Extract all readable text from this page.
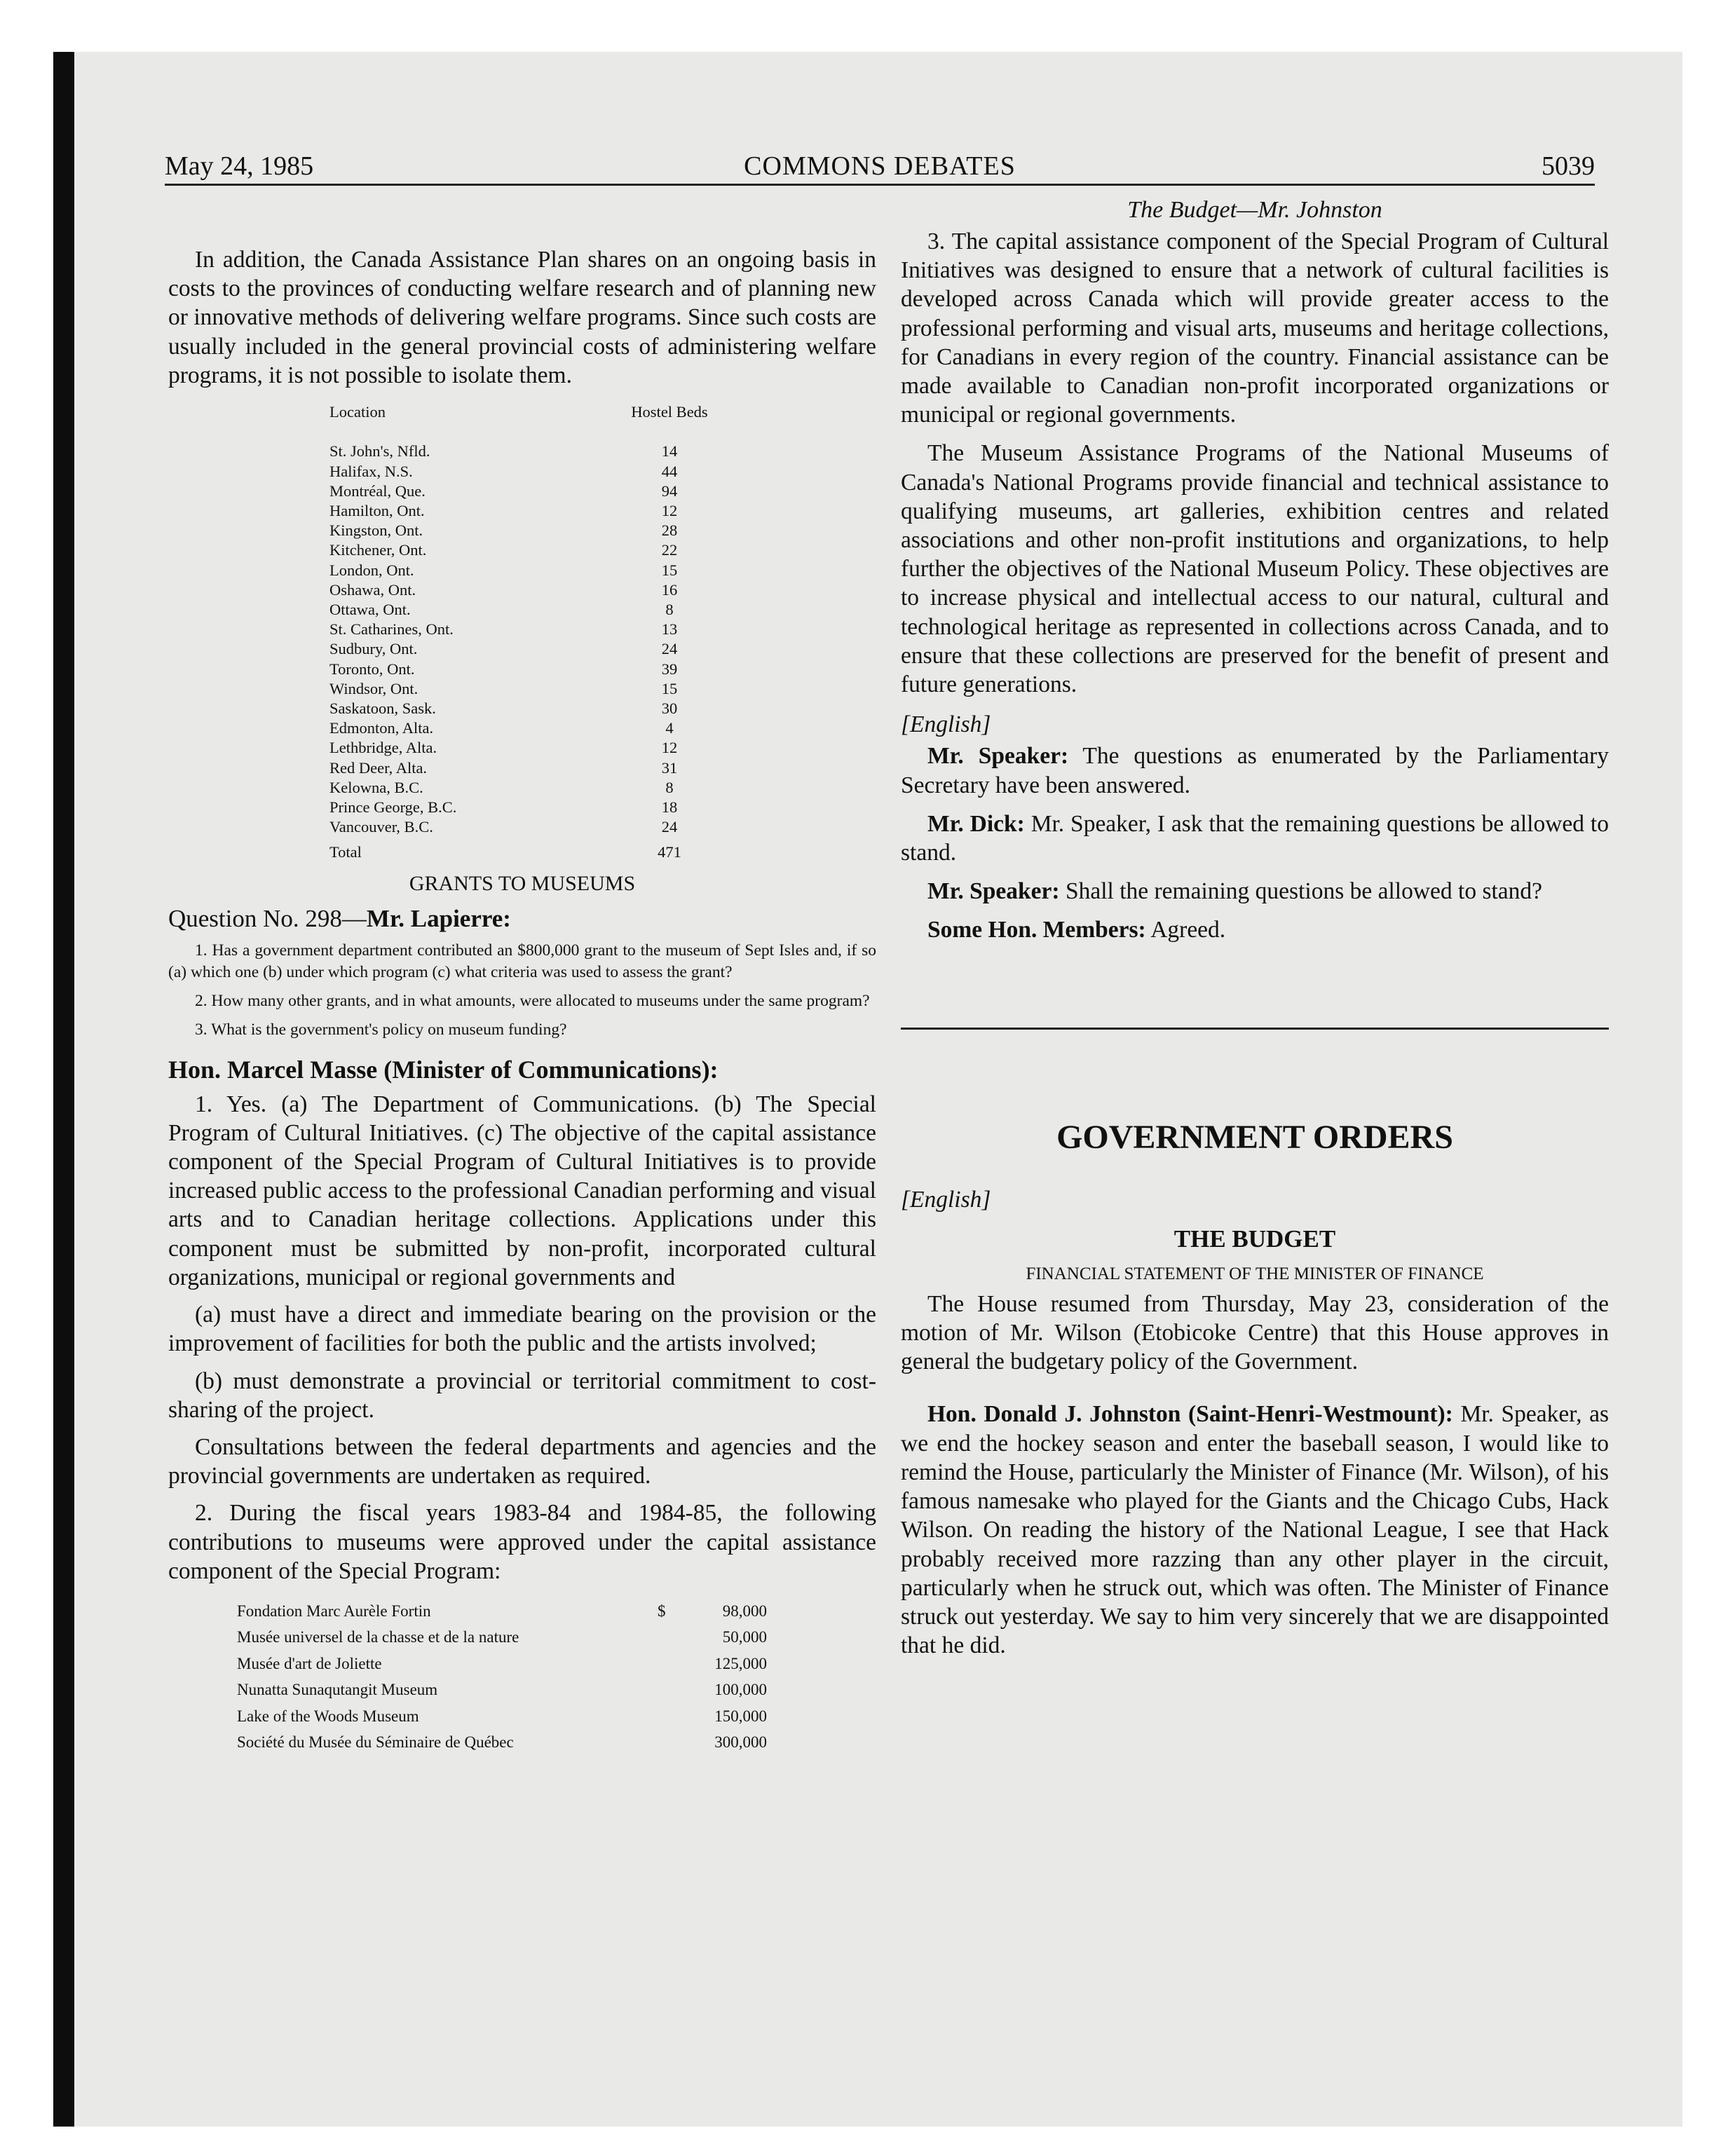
May 24, 1985	COMMONS DEBATES	5039

In addition, the Canada Assistance Plan shares on an ongoing basis in costs to the provinces of conducting welfare research and of planning new or innovative methods of delivering welfare programs. Since such costs are usually included in the general provincial costs of administering welfare programs, it is not possible to isolate them.

Location	Hostel Beds

St. John's, Nfld.	14
Halifax, N.S.	44
Montréal, Que.	94
Hamilton, Ont.	12
Kingston, Ont.	28
Kitchener, Ont.	22
London, Ont.	15
Oshawa, Ont.	16
Ottawa, Ont.	8
St. Catharines, Ont.	13
Sudbury, Ont.	24
Toronto, Ont.	39
Windsor, Ont.	15
Saskatoon, Sask.	30
Edmonton, Alta.	4
Lethbridge, Alta.	12
Red Deer, Alta.	31
Kelowna, B.C.	8
Prince George, B.C.	18
Vancouver, B.C.	24
Total	471

GRANTS TO MUSEUMS

Question No. 298—Mr. Lapierre:

1. Has a government department contributed an $800,000 grant to the museum of Sept Isles and, if so (a) which one (b) under which program (c) what criteria was used to assess the grant?

2. How many other grants, and in what amounts, were allocated to museums under the same program?

3. What is the government's policy on museum funding?

Hon. Marcel Masse (Minister of Communications):

1. Yes. (a) The Department of Communications. (b) The Special Program of Cultural Initiatives. (c) The objective of the capital assistance component of the Special Program of Cultural Initiatives is to provide increased public access to the professional Canadian performing and visual arts and to Canadian heritage collections. Applications under this component must be submitted by non-profit, incorporated cultural organizations, municipal or regional governments and

(a) must have a direct and immediate bearing on the provision or the improvement of facilities for both the public and the artists involved;

(b) must demonstrate a provincial or territorial commitment to cost-sharing of the project.

Consultations between the federal departments and agencies and the provincial governments are undertaken as required.

2. During the fiscal years 1983-84 and 1984-85, the following contributions to museums were approved under the capital assistance component of the Special Program:

Fondation Marc Aurèle Fortin	$	98,000
Musée universel de la chasse et de la nature		50,000
Musée d'art de Joliette		125,000
Nunatta Sunaqutangit Museum		100,000
Lake of the Woods Museum		150,000
Société du Musée du Séminaire de Québec		300,000

The Budget—Mr. Johnston

3. The capital assistance component of the Special Program of Cultural Initiatives was designed to ensure that a network of cultural facilities is developed across Canada which will provide greater access to the professional performing and visual arts, museums and heritage collections, for Canadians in every region of the country. Financial assistance can be made available to Canadian non-profit incorporated organizations or municipal or regional governments.

The Museum Assistance Programs of the National Museums of Canada's National Programs provide financial and technical assistance to qualifying museums, art galleries, exhibition centres and related associations and other non-profit institutions and organizations, to help further the objectives of the National Museum Policy. These objectives are to increase physical and intellectual access to our natural, cultural and technological heritage as represented in collections across Canada, and to ensure that these collections are preserved for the benefit of present and future generations.

[English]

Mr. Speaker: The questions as enumerated by the Parliamentary Secretary have been answered.

Mr. Dick: Mr. Speaker, I ask that the remaining questions be allowed to stand.

Mr. Speaker: Shall the remaining questions be allowed to stand?

Some Hon. Members: Agreed.

GOVERNMENT ORDERS

[English]

THE BUDGET

FINANCIAL STATEMENT OF THE MINISTER OF FINANCE

The House resumed from Thursday, May 23, consideration of the motion of Mr. Wilson (Etobicoke Centre) that this House approves in general the budgetary policy of the Government.

Hon. Donald J. Johnston (Saint-Henri-Westmount): Mr. Speaker, as we end the hockey season and enter the baseball season, I would like to remind the House, particularly the Minister of Finance (Mr. Wilson), of his famous namesake who played for the Giants and the Chicago Cubs, Hack Wilson. On reading the history of the National League, I see that Hack probably received more razzing than any other player in the circuit, particularly when he struck out, which was often. The Minister of Finance struck out yesterday. We say to him very sincerely that we are disappointed that he did.
